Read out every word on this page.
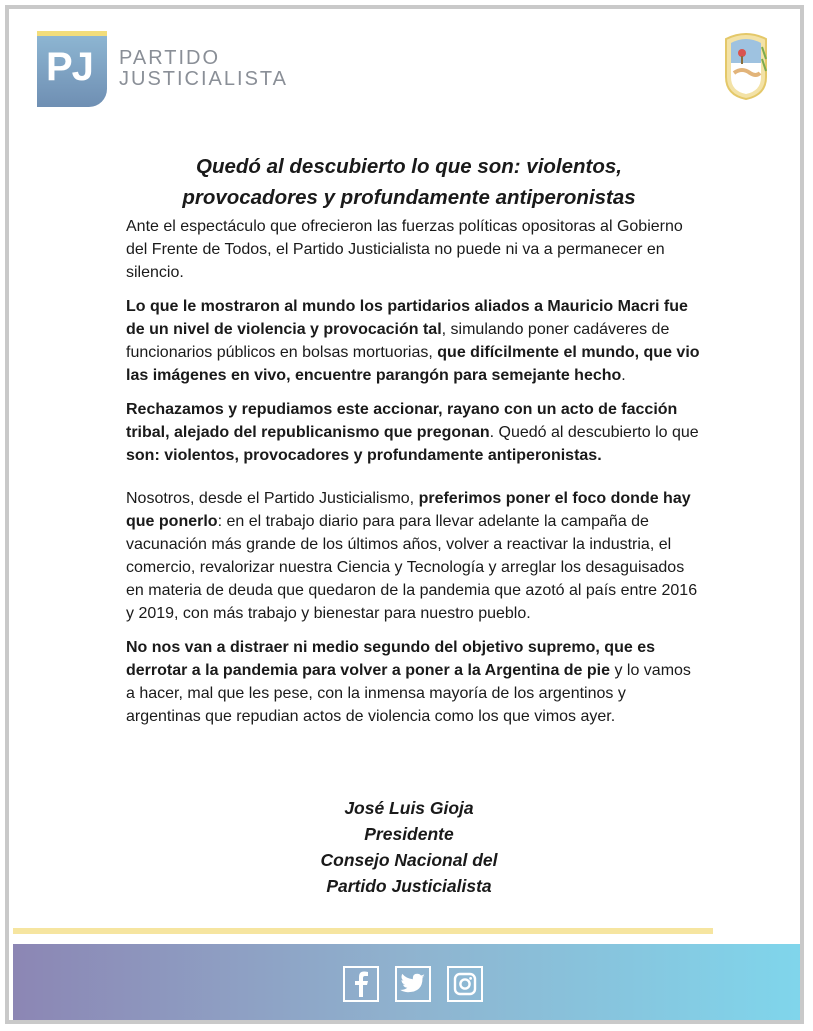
PJ PARTIDO
JUSTICIALISTA
Quedó al descubierto lo que son: violentos,
provocadores y profundamente antiperonistas

Ante el espectáculo que ofrecieron las fuerzas políticas opositoras al Gobierno del Frente de Todos, el Partido Justicialista no puede ni va a permanecer en silencio.

Lo que le mostraron al mundo los partidarios aliados a Mauricio Macri fue de un nivel de violencia y provocación tal, simulando poner cadáveres de funcionarios públicos en bolsas mortuorias, que difícilmente el mundo, que vio las imágenes en vivo, encuentre parangón para semejante hecho.

Rechazamos y repudiamos este accionar, rayano con un acto de facción tribal, alejado del republicanismo que pregonan. Quedó al descubierto lo que son: violentos, provocadores y profundamente antiperonistas.

Nosotros, desde el Partido Justicialismo, preferimos poner el foco donde hay que ponerlo: en el trabajo diario para para llevar adelante la campaña de vacunación más grande de los últimos años, volver a reactivar la industria, el comercio, revalorizar nuestra Ciencia y Tecnología y arreglar los desaguisados en materia de deuda que quedaron de la pandemia que azotó al país entre 2016 y 2019, con más trabajo y bienestar para nuestro pueblo.

No nos van a distraer ni medio segundo del objetivo supremo, que es derrotar a la pandemia para volver a poner a la Argentina de pie y lo vamos a hacer, mal que les pese, con la inmensa mayoría de los argentinos y argentinas que repudian actos de violencia como los que vimos ayer.

José Luis Gioja
Presidente
Consejo Nacional del
Partido Justicialista
